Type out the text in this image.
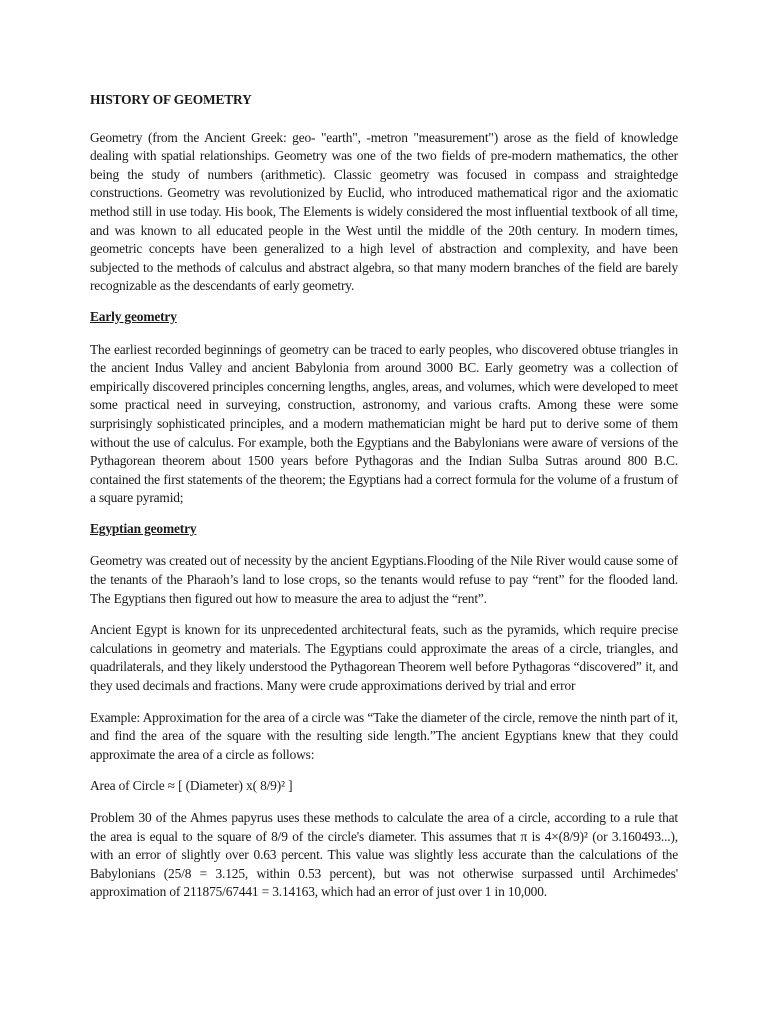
HISTORY OF GEOMETRY

Geometry (from the Ancient Greek: geo- "earth", -metron "measurement") arose as the field of knowledge dealing with spatial relationships. Geometry was one of the two fields of pre-modern mathematics, the other being the study of numbers (arithmetic). Classic geometry was focused in compass and straightedge constructions. Geometry was revolutionized by Euclid, who introduced mathematical rigor and the axiomatic method still in use today. His book, The Elements is widely considered the most influential textbook of all time, and was known to all educated people in the West until the middle of the 20th century. In modern times, geometric concepts have been generalized to a high level of abstraction and complexity, and have been subjected to the methods of calculus and abstract algebra, so that many modern branches of the field are barely recognizable as the descendants of early geometry.

Early geometry

The earliest recorded beginnings of geometry can be traced to early peoples, who discovered obtuse triangles in the ancient Indus Valley and ancient Babylonia from around 3000 BC. Early geometry was a collection of empirically discovered principles concerning lengths, angles, areas, and volumes, which were developed to meet some practical need in surveying, construction, astronomy, and various crafts. Among these were some surprisingly sophisticated principles, and a modern mathematician might be hard put to derive some of them without the use of calculus. For example, both the Egyptians and the Babylonians were aware of versions of the Pythagorean theorem about 1500 years before Pythagoras and the Indian Sulba Sutras around 800 B.C. contained the first statements of the theorem; the Egyptians had a correct formula for the volume of a frustum of a square pyramid;

Egyptian geometry

Geometry was created out of necessity by the ancient Egyptians.Flooding of the Nile River would cause some of the tenants of the Pharaoh’s land to lose crops, so the tenants would refuse to pay “rent” for the flooded land. The Egyptians then figured out how to measure the area to adjust the “rent”.

Ancient Egypt is known for its unprecedented architectural feats, such as the pyramids, which require precise calculations in geometry and materials. The Egyptians could approximate the areas of a circle, triangles, and quadrilaterals, and they likely understood the Pythagorean Theorem well before Pythagoras “discovered” it, and they used decimals and fractions. Many were crude approximations derived by trial and error

Example: Approximation for the area of a circle was “Take the diameter of the circle, remove the ninth part of it, and find the area of the square with the resulting side length.”The ancient Egyptians knew that they could approximate the area of a circle as follows:

Area of Circle ≈ [ (Diameter) x( 8/9)² ]

Problem 30 of the Ahmes papyrus uses these methods to calculate the area of a circle, according to a rule that the area is equal to the square of 8/9 of the circle's diameter. This assumes that π is 4×(8/9)² (or 3.160493...), with an error of slightly over 0.63 percent. This value was slightly less accurate than the calculations of the Babylonians (25/8 = 3.125, within 0.53 percent), but was not otherwise surpassed until Archimedes' approximation of 211875/67441 = 3.14163, which had an error of just over 1 in 10,000.
